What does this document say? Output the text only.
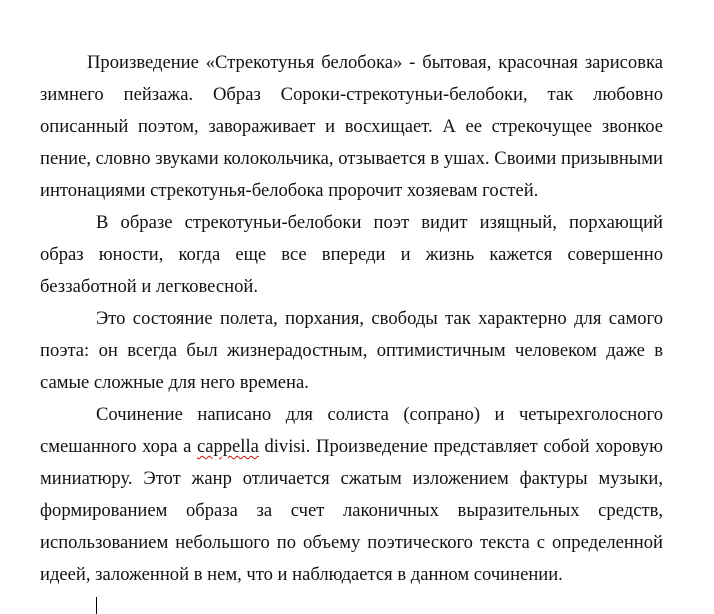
Произведение «Стрекотунья белобока» - бытовая, красочная зарисовка зимнего пейзажа. Образ Сороки-стрекотуньи-белобоки, так любовно описанный поэтом, завораживает и восхищает. А ее стрекочущее звонкое пение, словно звуками колокольчика, отзывается в ушах. Своими призывными интонациями стрекотунья-белобока пророчит хозяевам гостей.

В образе стрекотуньи-белобоки поэт видит изящный, порхающий образ юности, когда еще все впереди и жизнь кажется совершенно беззаботной и легковесной.

Это состояние полета, порхания, свободы так характерно для самого поэта: он всегда был жизнерадостным, оптимистичным человеком даже в самые сложные для него времена.

Сочинение написано для солиста (сопрано) и четырехголосного смешанного хора a cappella divisi. Произведение представляет собой хоровую миниатюру. Этот жанр отличается сжатым изложением фактуры музыки, формированием образа за счет лаконичных выразительных средств, использованием небольшого по объему поэтического текста с определенной идеей, заложенной в нем, что и наблюдается в данном сочинении.
